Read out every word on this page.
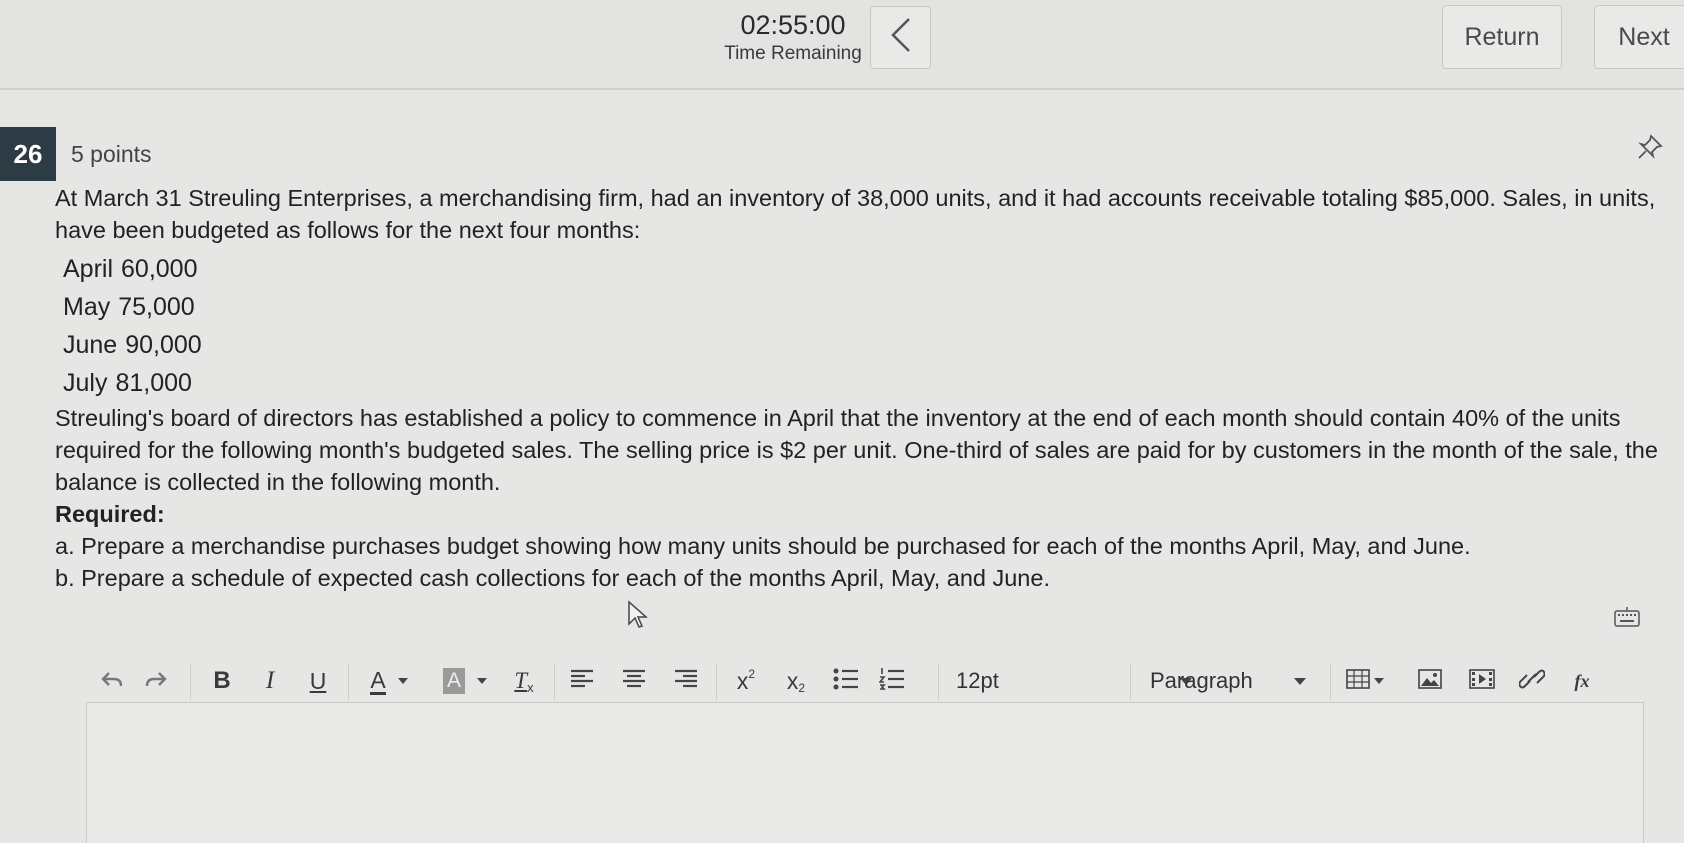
02:55:00
Time Remaining
Return	Next
26	5 points

At March 31 Streuling Enterprises, a merchandising firm, had an inventory of 38,000 units, and it had accounts receivable totaling $85,000. Sales, in units, have been budgeted as follows for the next four months:

April 60,000
May 75,000
June 90,000
July 81,000

Streuling's board of directors has established a policy to commence in April that the inventory at the end of each month should contain 40% of the units required for the following month's budgeted sales. The selling price is $2 per unit. One-third of sales are paid for by customers in the month of the sale, the balance is collected in the following month.

Required:

a. Prepare a merchandise purchases budget showing how many units should be purchased for each of the months April, May, and June.

b. Prepare a schedule of expected cash collections for each of the months April, May, and June.

B	I	U	A	A T x	x 2 x 2	12pt	Paragraph	fx
